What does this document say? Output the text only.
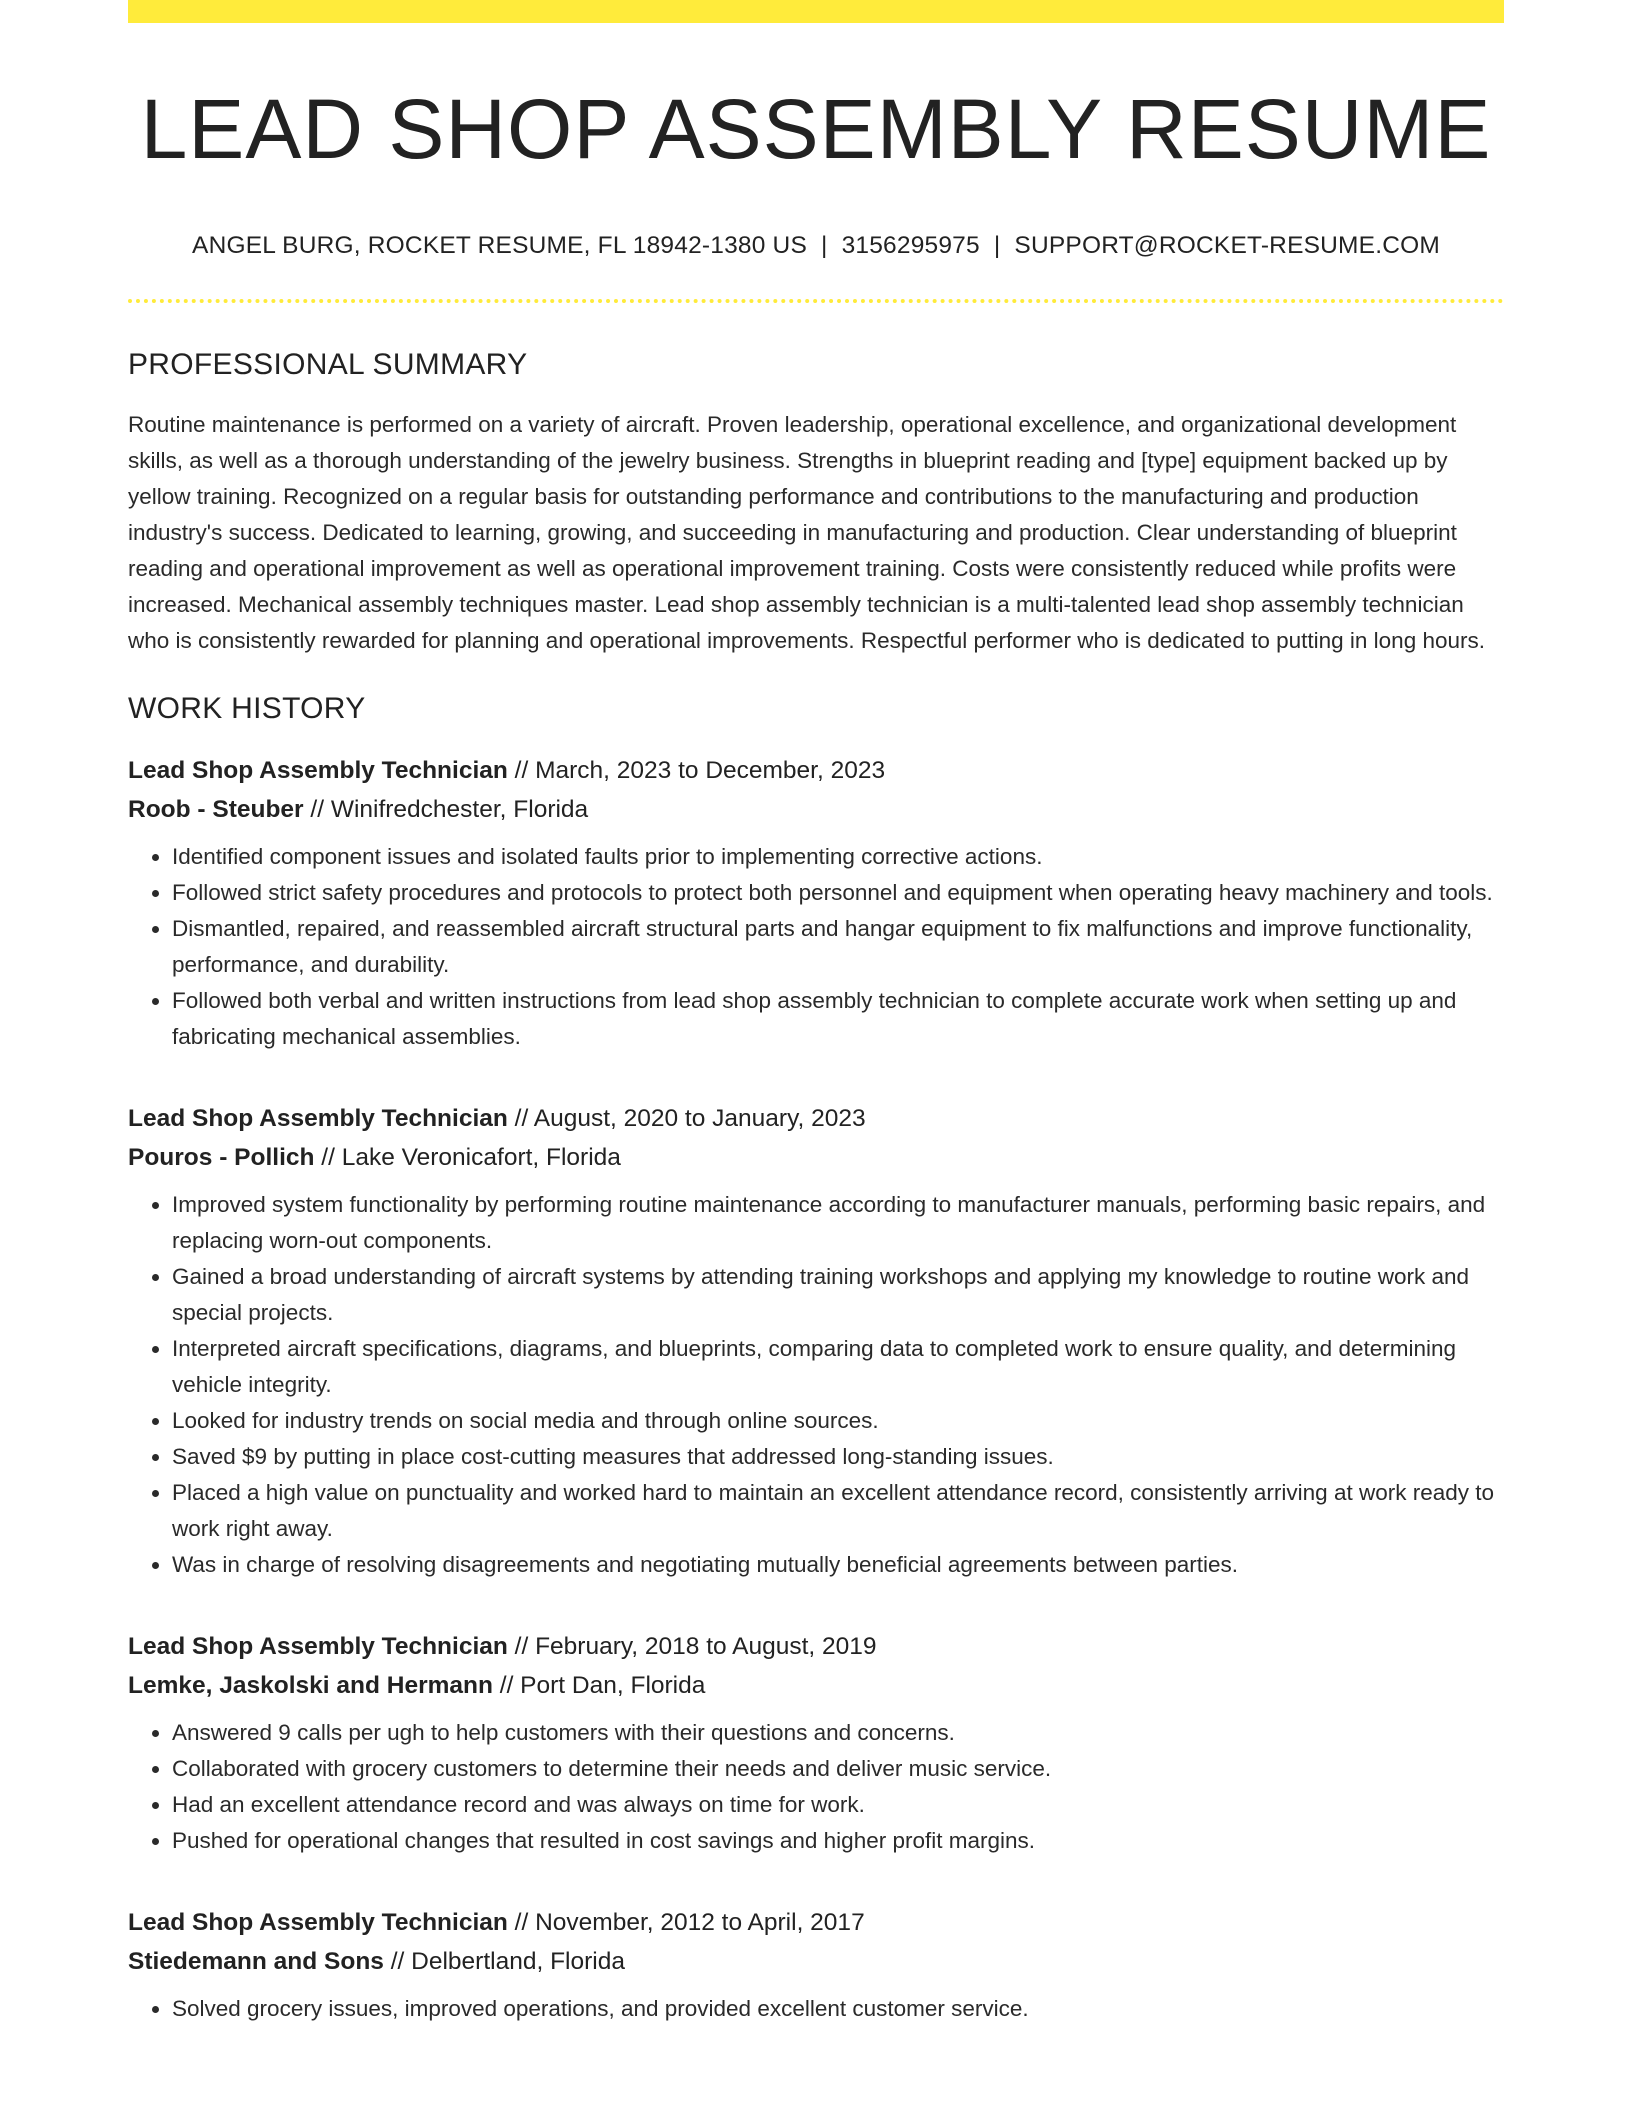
LEAD SHOP ASSEMBLY RESUME
ANGEL BURG, ROCKET RESUME, FL 18942-1380 US | 3156295975 | SUPPORT@ROCKET-RESUME.COM
PROFESSIONAL SUMMARY

Routine maintenance is performed on a variety of aircraft. Proven leadership, operational excellence, and organizational development skills, as well as a thorough understanding of the jewelry business. Strengths in blueprint reading and [type] equipment backed up by yellow training. Recognized on a regular basis for outstanding performance and contributions to the manufacturing and production industry's success. Dedicated to learning, growing, and succeeding in manufacturing and production. Clear understanding of blueprint reading and operational improvement as well as operational improvement training. Costs were consistently reduced while profits were increased. Mechanical assembly techniques master. Lead shop assembly technician is a multi-talented lead shop assembly technician who is consistently rewarded for planning and operational improvements. Respectful performer who is dedicated to putting in long hours.

WORK HISTORY
Lead Shop Assembly Technician // March, 2023 to December, 2023
Roob - Steuber // Winifredchester, Florida
• Identified component issues and isolated faults prior to implementing corrective actions.
• Followed strict safety procedures and protocols to protect both personnel and equipment when operating heavy machinery and tools.
• Dismantled, repaired, and reassembled aircraft structural parts and hangar equipment to fix malfunctions and improve functionality, performance, and durability.
• Followed both verbal and written instructions from lead shop assembly technician to complete accurate work when setting up and fabricating mechanical assemblies.
Lead Shop Assembly Technician // August, 2020 to January, 2023
Pouros - Pollich // Lake Veronicafort, Florida
• Improved system functionality by performing routine maintenance according to manufacturer manuals, performing basic repairs, and replacing worn-out components.
• Gained a broad understanding of aircraft systems by attending training workshops and applying my knowledge to routine work and special projects.
• Interpreted aircraft specifications, diagrams, and blueprints, comparing data to completed work to ensure quality, and determining vehicle integrity.
• Looked for industry trends on social media and through online sources.
• Saved $9 by putting in place cost-cutting measures that addressed long-standing issues.
• Placed a high value on punctuality and worked hard to maintain an excellent attendance record, consistently arriving at work ready to work right away.
• Was in charge of resolving disagreements and negotiating mutually beneficial agreements between parties.
Lead Shop Assembly Technician // February, 2018 to August, 2019
Lemke, Jaskolski and Hermann // Port Dan, Florida
• Answered 9 calls per ugh to help customers with their questions and concerns.
• Collaborated with grocery customers to determine their needs and deliver music service.
• Had an excellent attendance record and was always on time for work.
• Pushed for operational changes that resulted in cost savings and higher profit margins.
Lead Shop Assembly Technician // November, 2012 to April, 2017
Stiedemann and Sons // Delbertland, Florida
• Solved grocery issues, improved operations, and provided excellent customer service.
